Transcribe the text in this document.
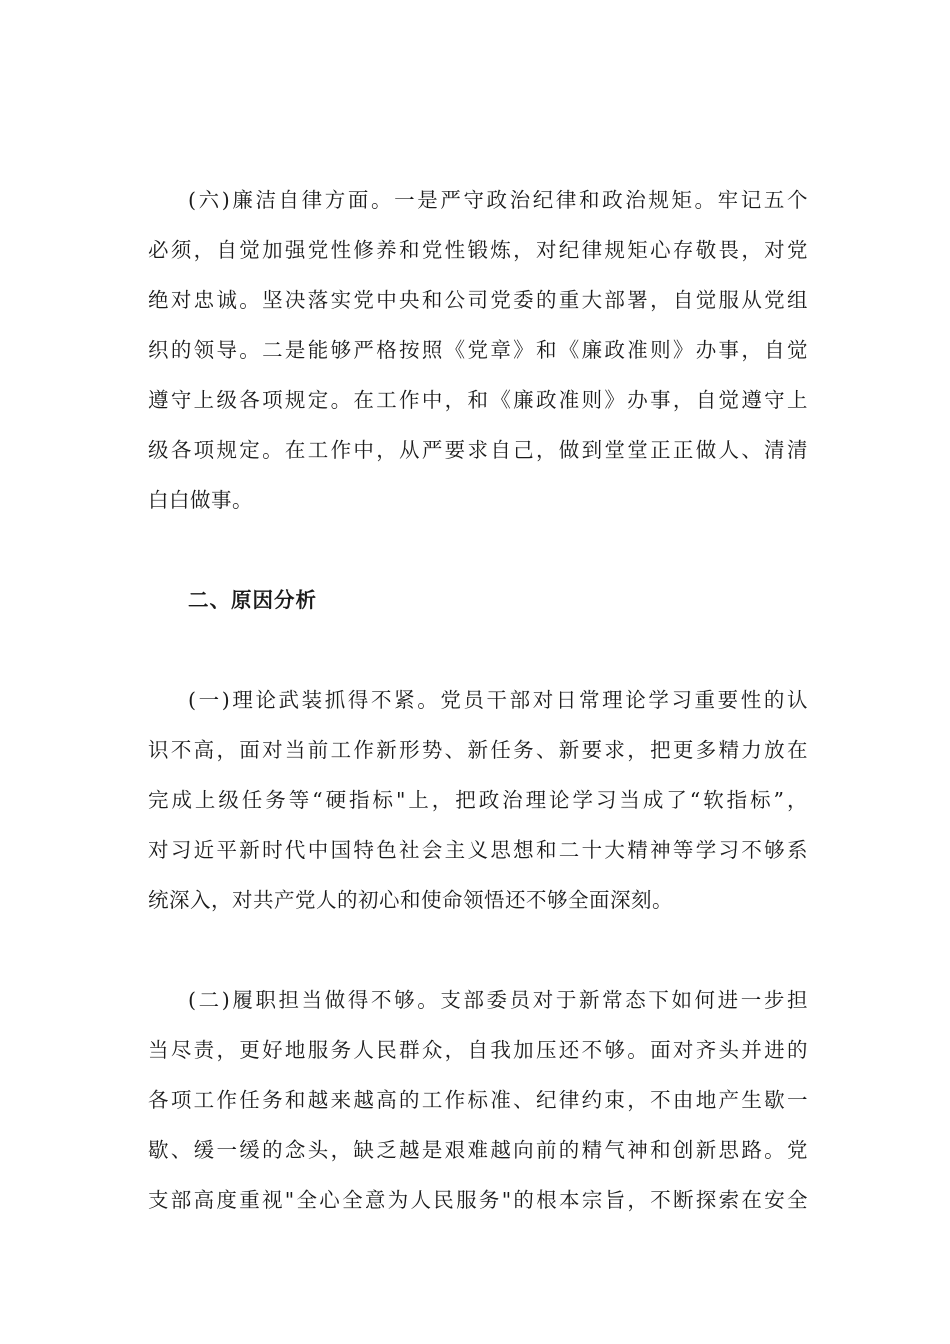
(六)廉洁自律方面。一是严守政治纪律和政治规矩。牢记五个
必须，自觉加强党性修养和党性锻炼，对纪律规矩心存敬畏，对党
绝对忠诚。坚决落实党中央和公司党委的重大部署，自觉服从党组
织的领导。二是能够严格按照《党章》和《廉政准则》办事，自觉
遵守上级各项规定。在工作中，和《廉政准则》办事，自觉遵守上
级各项规定。在工作中，从严要求自己，做到堂堂正正做人、清清
白白做事。
二、原因分析
(一)理论武装抓得不紧。党员干部对日常理论学习重要性的认
识不高，面对当前工作新形势、新任务、新要求，把更多精力放在
完成上级任务等“硬指标"上，把政治理论学习当成了“软指标”，
对习近平新时代中国特色社会主义思想和二十大精神等学习不够系
统深入，对共产党人的初心和使命领悟还不够全面深刻。
(二)履职担当做得不够。支部委员对于新常态下如何进一步担
当尽责，更好地服务人民群众，自我加压还不够。面对齐头并进的
各项工作任务和越来越高的工作标准、纪律约束，不由地产生歇一
歇、缓一缓的念头，缺乏越是艰难越向前的精气神和创新思路。党
支部高度重视"全心全意为人民服务"的根本宗旨，不断探索在安全
